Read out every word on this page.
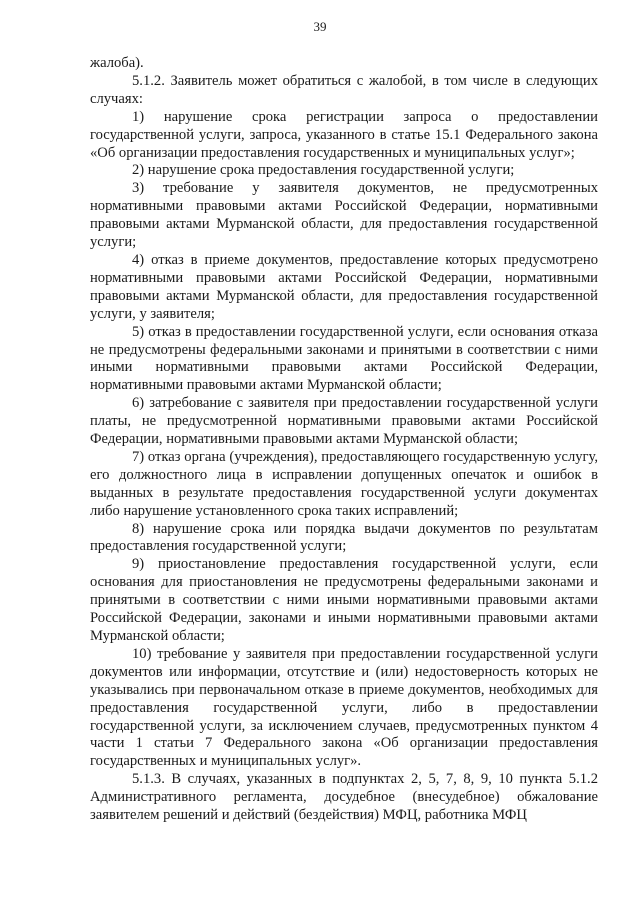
39

жалоба).

5.1.2. Заявитель может обратиться с жалобой, в том числе в следующих случаях:

1) нарушение срока регистрации запроса о предоставлении государственной услуги, запроса, указанного в статье 15.1 Федерального закона «Об организации предоставления государственных и муниципальных услуг»;

2) нарушение срока предоставления государственной услуги;

3) требование у заявителя документов, не предусмотренных нормативными правовыми актами Российской Федерации, нормативными правовыми актами Мурманской области, для предоставления государственной услуги;

4) отказ в приеме документов, предоставление которых предусмотрено нормативными правовыми актами Российской Федерации, нормативными правовыми актами Мурманской области, для предоставления государственной услуги, у заявителя;

5) отказ в предоставлении государственной услуги, если основания отказа не предусмотрены федеральными законами и принятыми в соответствии с ними иными нормативными правовыми актами Российской Федерации, нормативными правовыми актами Мурманской области;

6) затребование с заявителя при предоставлении государственной услуги платы, не предусмотренной нормативными правовыми актами Российской Федерации, нормативными правовыми актами Мурманской области;

7) отказ органа (учреждения), предоставляющего государственную услугу, его должностного лица в исправлении допущенных опечаток и ошибок в выданных в результате предоставления государственной услуги документах либо нарушение установленного срока таких исправлений;

8) нарушение срока или порядка выдачи документов по результатам предоставления государственной услуги;

9) приостановление предоставления государственной услуги, если основания для приостановления не предусмотрены федеральными законами и принятыми в соответствии с ними иными нормативными правовыми актами Российской Федерации, законами и иными нормативными правовыми актами Мурманской области;

10) требование у заявителя при предоставлении государственной услуги документов или информации, отсутствие и (или) недостоверность которых не указывались при первоначальном отказе в приеме документов, необходимых для предоставления государственной услуги, либо в предоставлении государственной услуги, за исключением случаев, предусмотренных пунктом 4 части 1 статьи 7 Федерального закона «Об организации предоставления государственных и муниципальных услуг».

5.1.3. В случаях, указанных в подпунктах 2, 5, 7, 8, 9, 10 пункта 5.1.2 Административного регламента, досудебное (внесудебное) обжалование заявителем решений и действий (бездействия) МФЦ, работника МФЦ
